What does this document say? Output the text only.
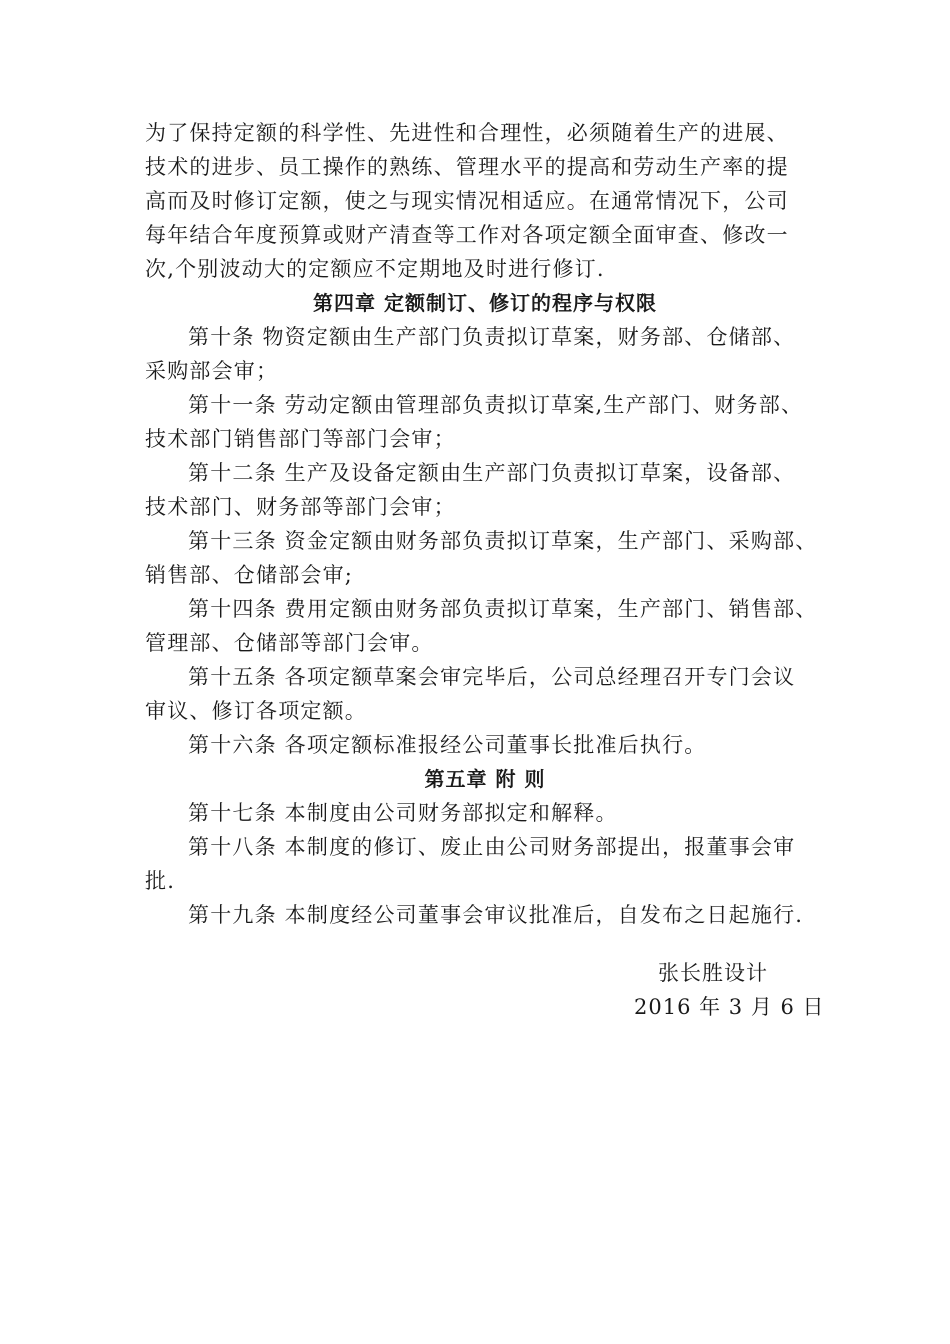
为了保持定额的科学性、先进性和合理性，必须随着生产的进展、
技术的进步、员工操作的熟练、管理水平的提高和劳动生产率的提
高而及时修订定额，使之与现实情况相适应。在通常情况下，公司
每年结合年度预算或财产清查等工作对各项定额全面审查、修改一
次,个别波动大的定额应不定期地及时进行修订.

第四章 定额制订、修订的程序与权限

第十条 物资定额由生产部门负责拟订草案，财务部、仓储部、
采购部会审；

第十一条 劳动定额由管理部负责拟订草案,生产部门、财务部、
技术部门销售部门等部门会审；

第十二条 生产及设备定额由生产部门负责拟订草案，设备部、
技术部门、财务部等部门会审；

第十三条 资金定额由财务部负责拟订草案，生产部门、采购部、
销售部、仓储部会审;

第十四条 费用定额由财务部负责拟订草案，生产部门、销售部、
管理部、仓储部等部门会审。

第十五条 各项定额草案会审完毕后，公司总经理召开专门会议
审议、修订各项定额。

第十六条 各项定额标准报经公司董事长批准后执行。

第五章 附 则

第十七条 本制度由公司财务部拟定和解释。

第十八条 本制度的修订、废止由公司财务部提出，报董事会审
批.

第十九条 本制度经公司董事会审议批准后，自发布之日起施行.

张长胜设计
2016 年 3 月 6 日
